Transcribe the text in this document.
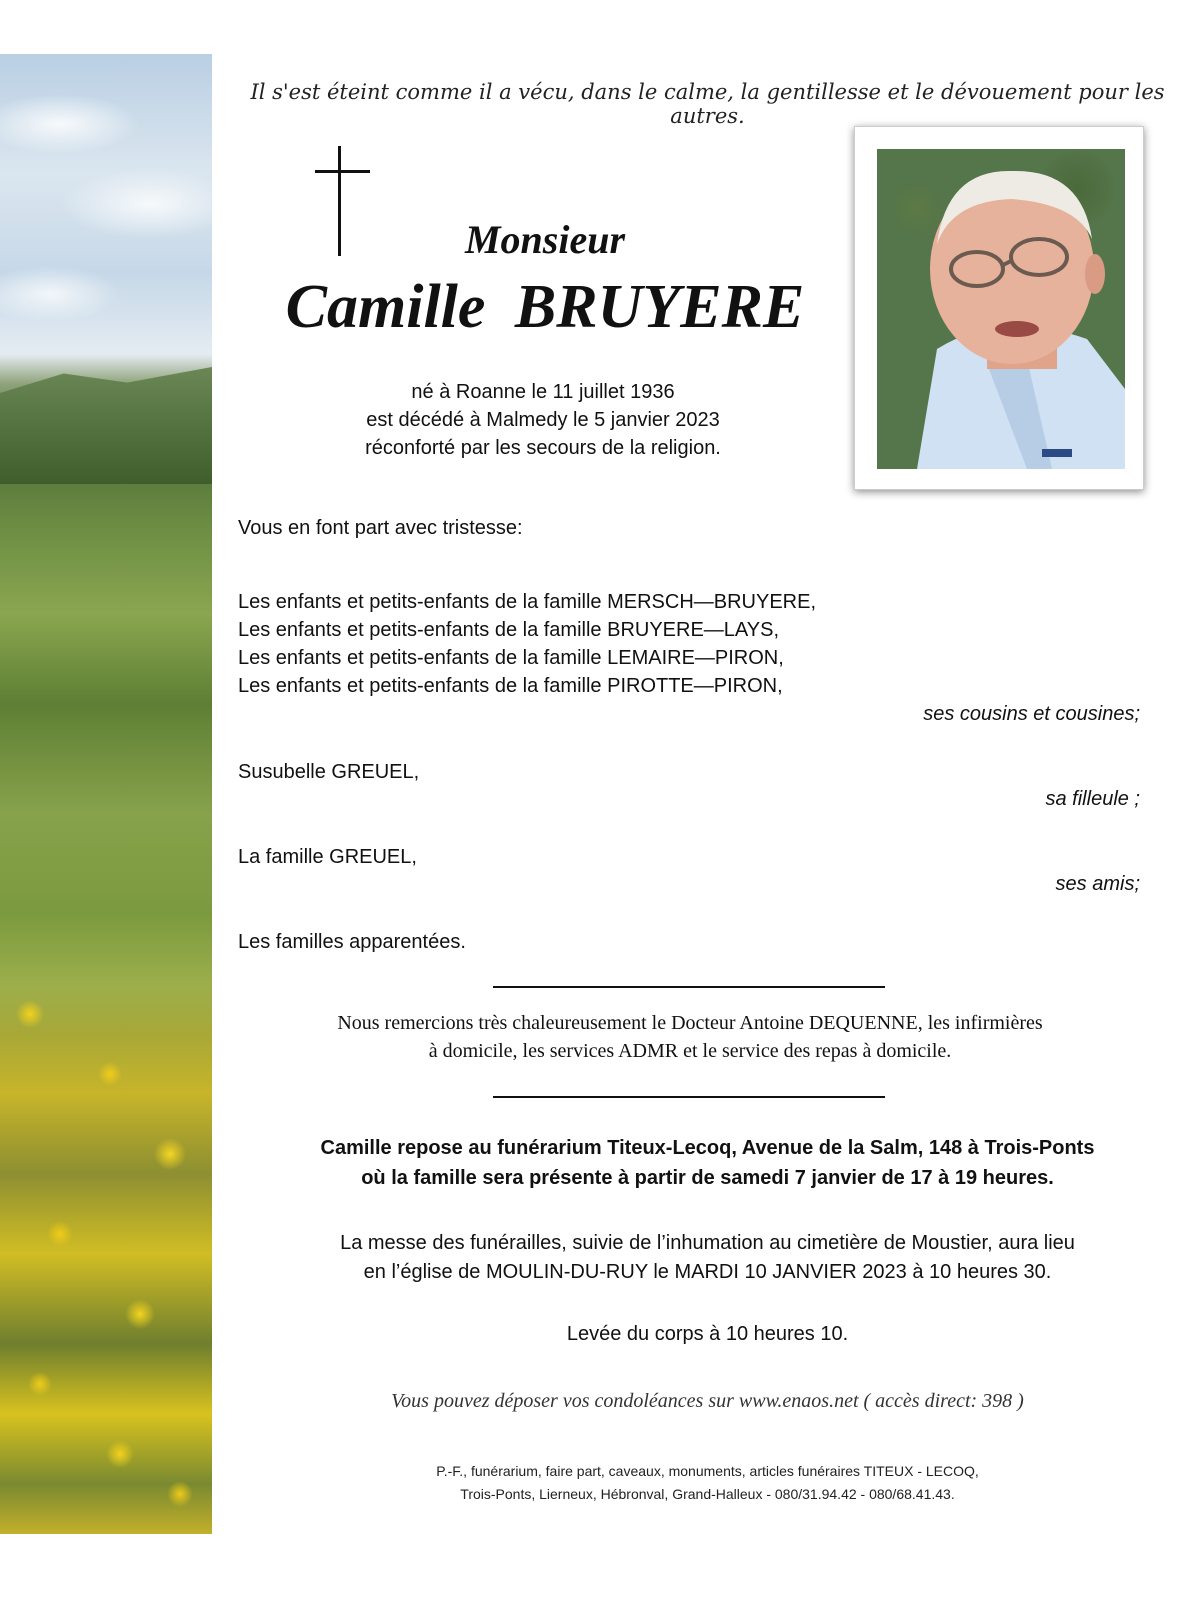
Il s'est éteint comme il a vécu, dans le calme, la gentillesse et le dévouement pour les autres.
Monsieur
Camille BRUYERE
né à Roanne le 11 juillet 1936
est décédé à Malmedy le 5 janvier 2023
réconforté par les secours de la religion.
Vous en font part avec tristesse:
Les enfants et petits-enfants de la famille MERSCH—BRUYERE,
Les enfants et petits-enfants de la famille BRUYERE—LAYS,
Les enfants et petits-enfants de la famille LEMAIRE—PIRON,
Les enfants et petits-enfants de la famille PIROTTE—PIRON,
ses cousins et cousines;
Susubelle GREUEL,
sa filleule ;
La famille GREUEL,
ses amis;
Les familles apparentées.
Nous remercions très chaleureusement le Docteur Antoine DEQUENNE, les infirmières
à domicile, les services ADMR et le service des repas à domicile.
Camille repose au funérarium Titeux-Lecoq, Avenue de la Salm, 148 à Trois-Ponts
où la famille sera présente à partir de samedi 7 janvier de 17 à 19 heures.
La messe des funérailles, suivie de l’inhumation au cimetière de Moustier, aura lieu
en l’église de MOULIN-DU-RUY le MARDI 10 JANVIER 2023 à 10 heures 30.
Levée du corps à 10 heures 10.
Vous pouvez déposer vos condoléances sur www.enaos.net ( accès direct: 398 )
P.-F., funérarium, faire part, caveaux, monuments, articles funéraires TITEUX - LECOQ,
Trois-Ponts, Lierneux, Hébronval, Grand-Halleux - 080/31.94.42 - 080/68.41.43.
